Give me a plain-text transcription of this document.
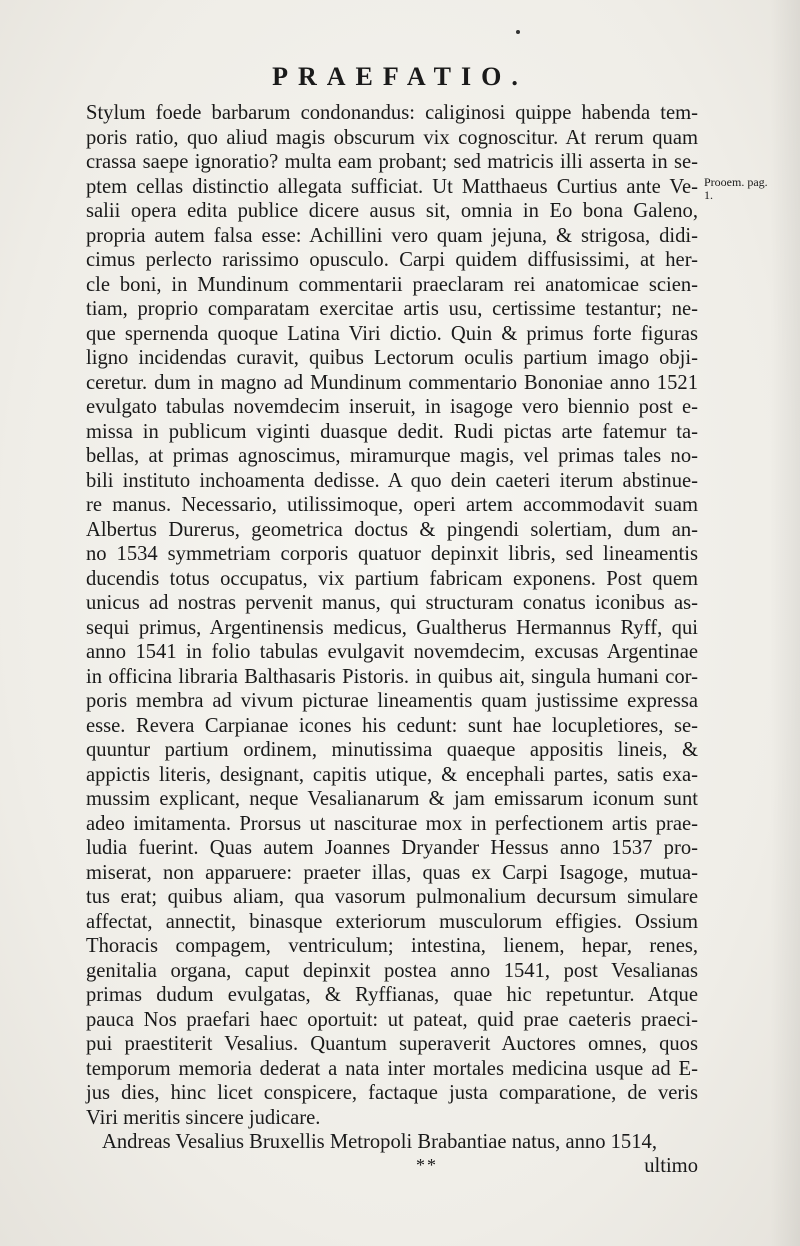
PRAEFATIO.
Stylum foede barbarum condonandus: caliginosi quippe habenda tem-
poris ratio, quo aliud magis obscurum vix cognoscitur. At rerum quam
crassa saepe ignoratio? multa eam probant; sed matricis illi asserta in se-
ptem cellas distinctio allegata sufficiat. Ut Matthaeus Curtius ante Ve-
salii opera edita publice dicere ausus sit, omnia in Eo bona Galeno,
propria autem falsa esse: Achillini vero quam jejuna, & strigosa, didi-
cimus perlecto rarissimo opusculo. Carpi quidem diffusissimi, at her-
cle boni, in Mundinum commentarii praeclaram rei anatomicae scien-
tiam, proprio comparatam exercitae artis usu, certissime testantur; ne-
que spernenda quoque Latina Viri dictio. Quin & primus forte figuras
ligno incidendas curavit, quibus Lectorum oculis partium imago obji-
ceretur. dum in magno ad Mundinum commentario Bononiae anno 1521
evulgato tabulas novemdecim inseruit, in isagoge vero biennio post e-
missa in publicum viginti duasque dedit. Rudi pictas arte fatemur ta-
bellas, at primas agnoscimus, miramurque magis, vel primas tales no-
bili instituto inchoamenta dedisse. A quo dein caeteri iterum abstinue-
re manus. Necessario, utilissimoque, operi artem accommodavit suam
Albertus Durerus, geometrica doctus & pingendi solertiam, dum an-
no 1534 symmetriam corporis quatuor depinxit libris, sed lineamentis
ducendis totus occupatus, vix partium fabricam exponens. Post quem
unicus ad nostras pervenit manus, qui structuram conatus iconibus as-
sequi primus, Argentinensis medicus, Gualtherus Hermannus Ryff, qui
anno 1541 in folio tabulas evulgavit novemdecim, excusas Argentinae
in officina libraria Balthasaris Pistoris. in quibus ait, singula humani cor-
poris membra ad vivum picturae lineamentis quam justissime expressa
esse. Revera Carpianae icones his cedunt: sunt hae locupletiores, se-
quuntur partium ordinem, minutissima quaeque appositis lineis, &
appictis literis, designant, capitis utique, & encephali partes, satis exa-
mussim explicant, neque Vesalianarum & jam emissarum iconum sunt
adeo imitamenta. Prorsus ut nasciturae mox in perfectionem artis prae-
ludia fuerint. Quas autem Joannes Dryander Hessus anno 1537 pro-
miserat, non apparuere: praeter illas, quas ex Carpi Isagoge, mutua-
tus erat; quibus aliam, qua vasorum pulmonalium decursum simulare
affectat, annectit, binasque exteriorum musculorum effigies. Ossium
Thoracis compagem, ventriculum; intestina, lienem, hepar, renes,
genitalia organa, caput depinxit postea anno 1541, post Vesalianas
primas dudum evulgatas, & Ryffianas, quae hic repetuntur. Atque
pauca Nos praefari haec oportuit: ut pateat, quid prae caeteris praeci-
pui praestiterit Vesalius. Quantum superaverit Auctores omnes, quos
temporum memoria dederat a nata inter mortales medicina usque ad E-
jus dies, hinc licet conspicere, factaque justa comparatione, de veris
Viri meritis sincere judicare.
Andreas Vesalius Bruxellis Metropoli Brabantiae natus, anno 1514,
Prooem. pag. 1.
**	ultimo
